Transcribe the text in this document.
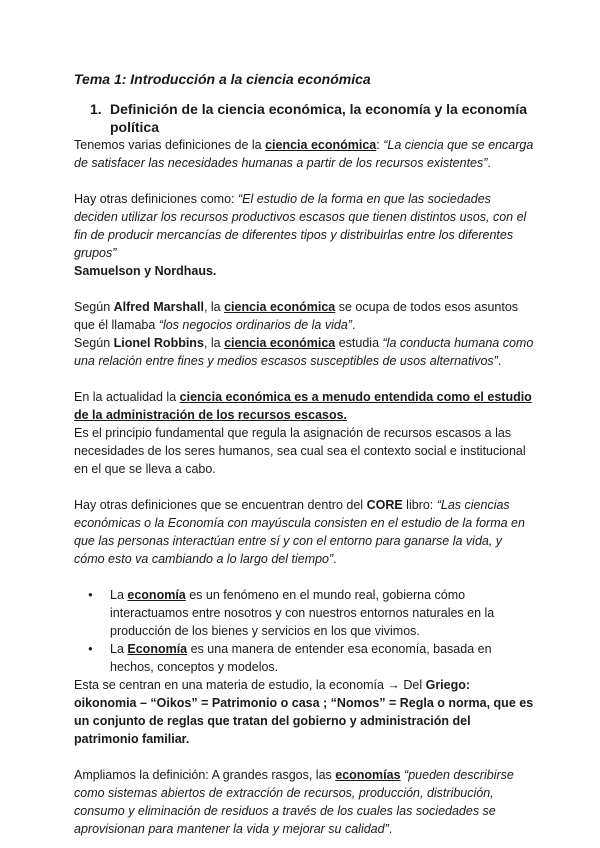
Tema 1: Introducción a la ciencia económica
1. Definición de la ciencia económica, la economía y la economía política

Tenemos varias definiciones de la ciencia económica: “La ciencia que se encarga de satisfacer las necesidades humanas a partir de los recursos existentes”.

Hay otras definiciones como: “El estudio de la forma en que las sociedades deciden utilizar los recursos productivos escasos que tienen distintos usos, con el fin de producir mercancías de diferentes tipos y distribuirlas entre los diferentes grupos”
Samuelson y Nordhaus.

Según Alfred Marshall, la ciencia económica se ocupa de todos esos asuntos que él llamaba “los negocios ordinarios de la vida”.

Según Lionel Robbins, la ciencia económica estudia “la conducta humana como una relación entre fines y medios escasos susceptibles de usos alternativos”.

En la actualidad la ciencia económica es a menudo entendida como el estudio de la administración de los recursos escasos.

Es el principio fundamental que regula la asignación de recursos escasos a las necesidades de los seres humanos, sea cual sea el contexto social e institucional en el que se lleva a cabo.

Hay otras definiciones que se encuentran dentro del CORE libro: “Las ciencias económicas o la Economía con mayúscula consisten en el estudio de la forma en que las personas interactúan entre sí y con el entorno para ganarse la vida, y cómo esto va cambiando a lo largo del tiempo”.

● La economía es un fenómeno en el mundo real, gobierna cómo interactuamos entre nosotros y con nuestros entornos naturales en la producción de los bienes y servicios en los que vivimos.
● La Economía es una manera de entender esa economía, basada en hechos, conceptos y modelos.

Esta se centran en una materia de estudio, la economía → Del Griego: oikonomia – “Oikos” = Patrimonio o casa ; “Nomos” = Regla o norma, que es un conjunto de reglas que tratan del gobierno y administración del patrimonio familiar.

Ampliamos la definición: A grandes rasgos, las economías “pueden describirse como sistemas abiertos de extracción de recursos, producción, distribución, consumo y eliminación de residuos a través de los cuales las sociedades se aprovisionan para mantener la vida y mejorar su calidad”.
